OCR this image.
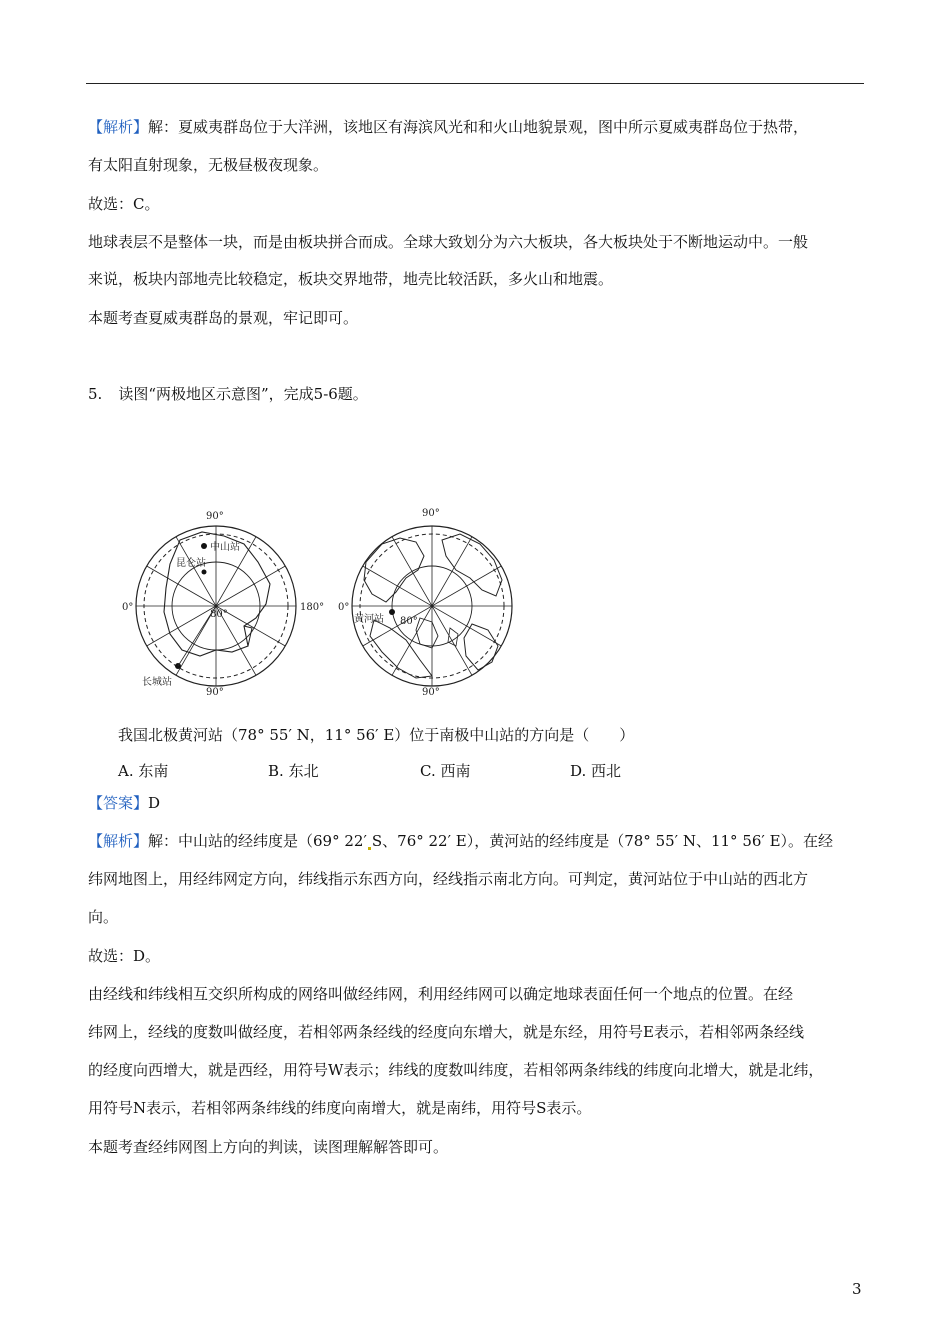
【解析】解：夏威夷群岛位于大洋洲，该地区有海滨风光和和火山地貌景观，图中所示夏威夷群岛位于热带，
有太阳直射现象，无极昼极夜现象。
故选：C。
地球表层不是整体一块，而是由板块拼合而成。全球大致划分为六大板块，各大板块处于不断地运动中。一般
来说，板块内部地壳比较稳定，板块交界地带，地壳比较活跃，多火山和地震。
本题考查夏威夷群岛的景观，牢记即可。
5. 读图“两极地区示意图”，完成5-6题。
90°
90°
0°	180°
80°
中山站
昆仑站
长城站
90°
90°
0°
80°
黄河站
我国北极黄河站（78° 55′ N，11° 56′ E）位于南极中山站的方向是（　　）
A. 东南	B. 东北	C. 西南	D. 西北
【答案】D
【解析】解：中山站的经纬度是（69° 22′ S、76° 22′ E），黄河站的经纬度是（78° 55′ N、11° 56′ E）。在经
纬网地图上，用经纬网定方向，纬线指示东西方向，经线指示南北方向。可判定，黄河站位于中山站的西北方
向。
故选：D。
由经线和纬线相互交织所构成的网络叫做经纬网，利用经纬网可以确定地球表面任何一个地点的位置。在经
纬网上，经线的度数叫做经度，若相邻两条经线的经度向东增大，就是东经，用符号E表示，若相邻两条经线
的经度向西增大，就是西经，用符号W表示；纬线的度数叫纬度，若相邻两条纬线的纬度向北增大，就是北纬，
用符号N表示，若相邻两条纬线的纬度向南增大，就是南纬，用符号S表示。
本题考查经纬网图上方向的判读，读图理解解答即可。
3
